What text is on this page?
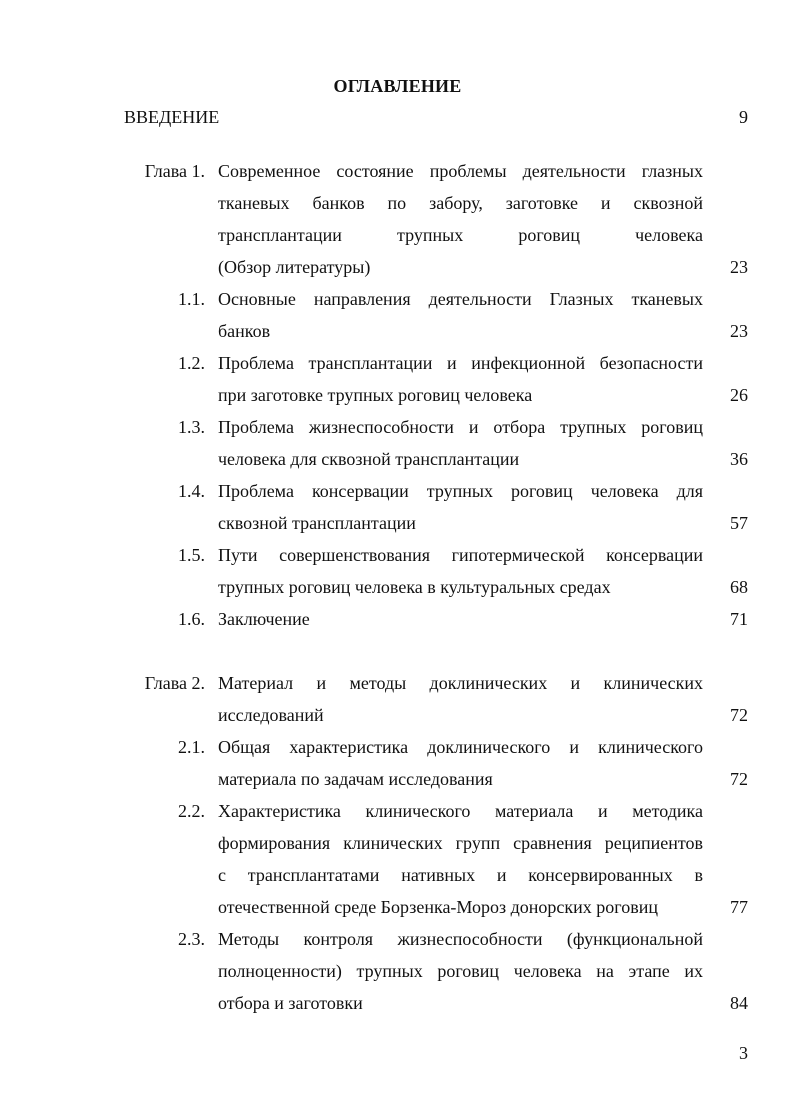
ОГЛАВЛЕНИЕ
ВВЕДЕНИЕ	9
Глава 1. Современное состояние проблемы деятельности глазных
тканевых банков по забору, заготовке и сквозной
трансплантации трупных роговиц человека
(Обзор литературы)	23
1.1. Основные направления деятельности Глазных тканевых
банков	23
1.2. Проблема трансплантации и инфекционной безопасности
при заготовке трупных роговиц человека	26
1.3. Проблема жизнеспособности и отбора трупных роговиц
человека для сквозной трансплантации	36
1.4. Проблема консервации трупных роговиц человека для
сквозной трансплантации	57
1.5. Пути совершенствования гипотермической консервации
трупных роговиц человека в культуральных средах	68
1.6. Заключение	71
Глава 2. Материал и методы доклинических и клинических
исследований	72
2.1. Общая характеристика доклинического и клинического
материала по задачам исследования	72
2.2. Характеристика клинического материала и методика
формирования клинических групп сравнения реципиентов
с трансплантатами нативных и консервированных в
отечественной среде Борзенка-Мороз донорских роговиц	77
2.3. Методы контроля жизнеспособности (функциональной
полноценности) трупных роговиц человека на этапе их
отбора и заготовки	84
3
